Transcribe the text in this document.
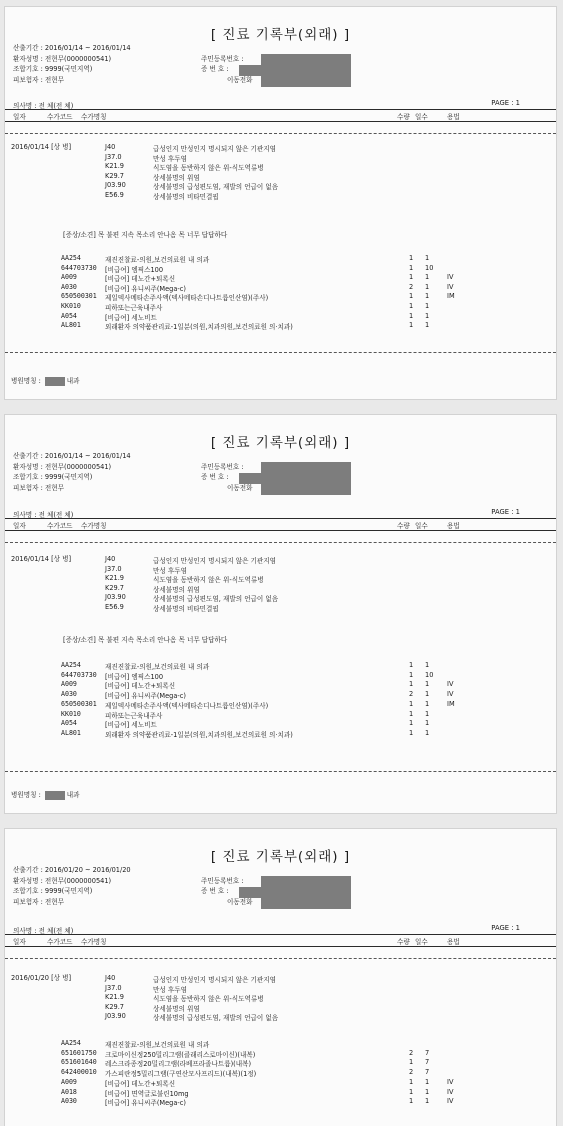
[ 진료 기록부(외래) ]
산출기간 : 2016/01/14 ~ 2016/01/14
환자성명 : 전현무(0000000541)
조합기호 : 9999(국민지역)
피보험자 : 전현무
주민등록번호 :
증 번 호 :
이동전화
의사명 : 전 체(전 체)	PAGE : 1
일자	수가코드 수가명칭	수량 일수	용법
2016/01/14 [상 병]	J40	급성인지 만성인지 명시되지 않은 기관지염
J37.0	만성 후두염
K21.9	식도염을 동반하지 않은 위-식도역류병
K29.7	상세불명의 위염
J03.90	상세불명의 급성편도염, 재발의 언급이 없음
E56.9	상세불명의 비타민결핍
[증상/소견] 목 불편 지속 목소리 안나옴 목 너무 답답하다
AA254	재진진찰료-의원,보건의료원 내 의과	1 1
644703730 [비급여] 엠픽스100	1 10
A009	[비급여] 데노간+퇴록신	1 1	IV
A030	[비급여] 유니씨주(Mega-c)	2 1	IV
650500301 제일덱사메타손주사액(덱사메타손디나트륨인산염)(주사)	1 1	IM
KK010	피하또는근육내주사	1 1
A054	[비급여] 세노비트	1 1
AL801	외래환자 의약품관리료-1일분(의원,치과의원,보건의료원 의·치과)	1 1
병원명칭 :	내과
[ 진료 기록부(외래) ]
산출기간 : 2016/01/14 ~ 2016/01/14
환자성명 : 전현무(0000000541)
조합기호 : 9999(국민지역)
피보험자 : 전현무
주민등록번호 :
증 번 호 :
이동전화
의사명 : 전 체(전 체)	PAGE : 1
일자	수가코드 수가명칭	수량 일수	용법
2016/01/14 [상 병]	J40	급성인지 만성인지 명시되지 않은 기관지염
J37.0	만성 후두염
K21.9	식도염을 동반하지 않은 위-식도역류병
K29.7	상세불명의 위염
J03.90	상세불명의 급성편도염, 재발의 언급이 없음
E56.9	상세불명의 비타민결핍
[증상/소견] 목 불편 지속 목소리 안나옴 목 너무 답답하다
AA254	재진진찰료-의원,보건의료원 내 의과	1 1
644703730 [비급여] 엠픽스100	1 10
A009	[비급여] 데노간+퇴록신	1 1	IV
A030	[비급여] 유니씨주(Mega-c)	2 1	IV
650500301 제일덱사메타손주사액(덱사메타손디나트륨인산염)(주사)	1 1	IM
KK010	피하또는근육내주사	1 1
A054	[비급여] 세노비트	1 1
AL801	외래환자 의약품관리료-1일분(의원,치과의원,보건의료원 의·치과)	1 1
병원명칭 :	내과
[ 진료 기록부(외래) ]
산출기간 : 2016/01/20 ~ 2016/01/20
환자성명 : 전현무(0000000541)
조합기호 : 9999(국민지역)
피보험자 : 전현무
주민등록번호 :
증 번 호 :
이동전화
의사명 : 전 체(전 체)	PAGE : 1
일자	수가코드 수가명칭	수량 일수	용법
2016/01/20 [상 병]	J40	급성인지 만성인지 명시되지 않은 기관지염
J37.0	만성 후두염
K21.9	식도염을 동반하지 않은 위-식도역류병
K29.7	상세불명의 위염
J03.90	상세불명의 급성편도염, 재발의 언급이 없음
AA254	재진진찰료-의원,보건의료원 내 의과
651601750 크로마이신정250밀리그램(클래리스로마이신)(내복)	2 7
651601640 레스크라종정20밀리그램(라베프라졸나트륨)(내복)	1 7
642400010 가스피란정5밀리그램(구연산모사프리드)(내복)(1정)	2 7
A009	[비급여] 데노간+퇴록신	1 1	IV
A018	[비급여] 면역글로불린10mg	1 1	IV
A030	[비급여] 유니씨주(Mega-c)	1 1	IV
